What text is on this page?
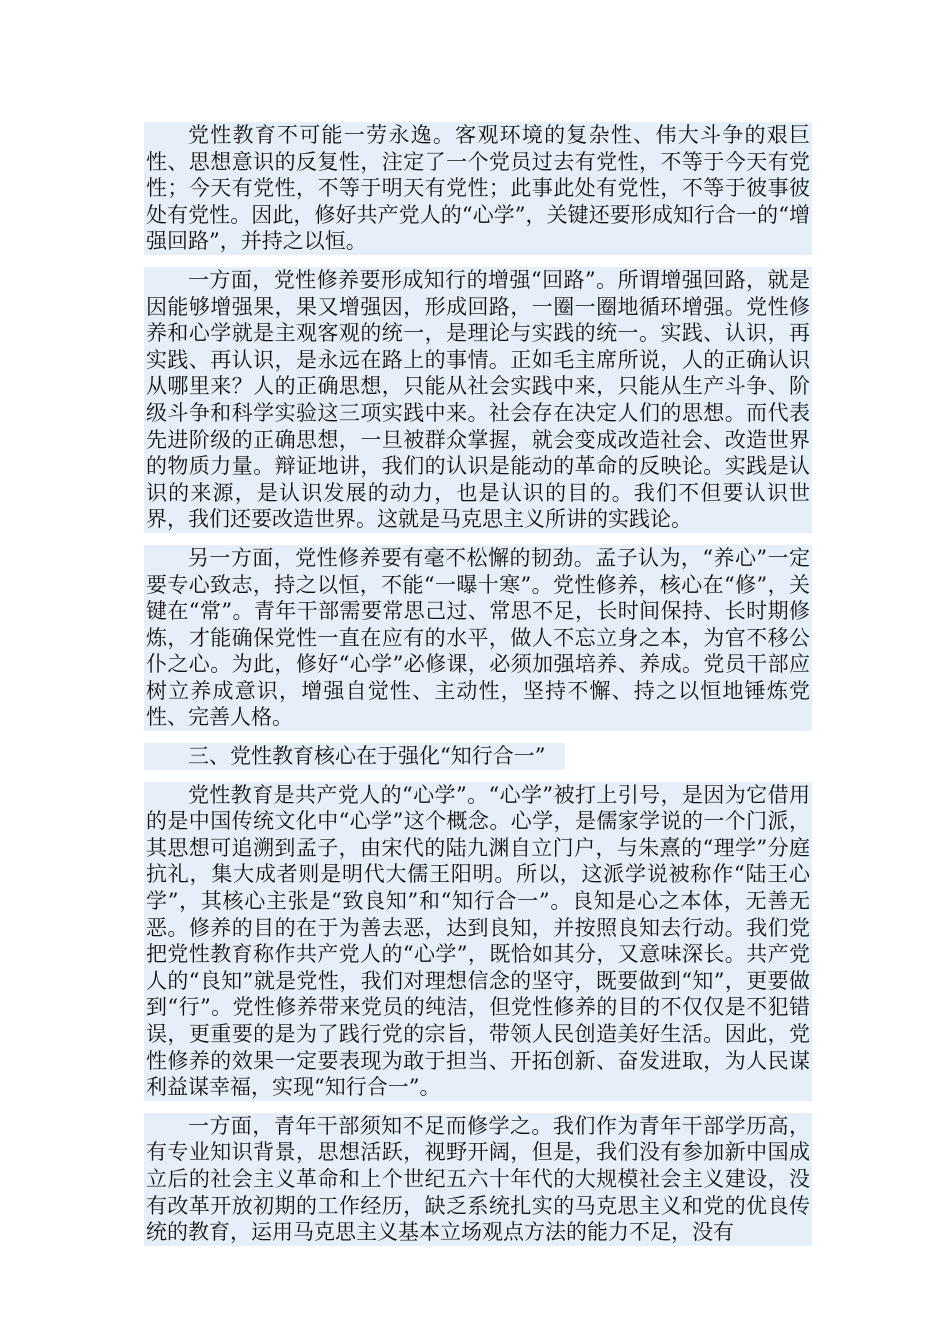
党性教育不可能一劳永逸。客观环境的复杂性、伟大斗争的艰巨性、思想意识的反复性，注定了一个党员过去有党性，不等于今天有党性；今天有党性，不等于明天有党性；此事此处有党性，不等于彼事彼处有党性。因此，修好共产党人的“心学”，关键还要形成知行合一的“增强回路”，并持之以恒。

一方面，党性修养要形成知行的增强“回路”。所谓增强回路，就是因能够增强果，果又增强因，形成回路，一圈一圈地循环增强。党性修养和心学就是主观客观的统一，是理论与实践的统一。实践、认识，再实践、再认识，是永远在路上的事情。正如毛主席所说，人的正确认识从哪里来？人的正确思想，只能从社会实践中来，只能从生产斗争、阶级斗争和科学实验这三项实践中来。社会存在决定人们的思想。而代表先进阶级的正确思想，一旦被群众掌握，就会变成改造社会、改造世界的物质力量。辩证地讲，我们的认识是能动的革命的反映论。实践是认识的来源，是认识发展的动力，也是认识的目的。我们不但要认识世界，我们还要改造世界。这就是马克思主义所讲的实践论。

另一方面，党性修养要有毫不松懈的韧劲。孟子认为，“养心”一定要专心致志，持之以恒，不能“一曝十寒”。党性修养，核心在“修”，关键在“常”。青年干部需要常思己过、常思不足，长时间保持、长时期修炼，才能确保党性一直在应有的水平，做人不忘立身之本，为官不移公仆之心。为此，修好“心学”必修课，必须加强培养、养成。党员干部应树立养成意识，增强自觉性、主动性，坚持不懈、持之以恒地锤炼党性、完善人格。

三、党性教育核心在于强化“知行合一”

党性教育是共产党人的“心学”。“心学”被打上引号，是因为它借用的是中国传统文化中“心学”这个概念。心学，是儒家学说的一个门派，其思想可追溯到孟子，由宋代的陆九渊自立门户，与朱熹的“理学”分庭抗礼，集大成者则是明代大儒王阳明。所以，这派学说被称作“陆王心学”，其核心主张是“致良知”和“知行合一”。良知是心之本体，无善无恶。修养的目的在于为善去恶，达到良知，并按照良知去行动。我们党把党性教育称作共产党人的“心学”，既恰如其分，又意味深长。共产党人的“良知”就是党性，我们对理想信念的坚守，既要做到“知”，更要做到“行”。党性修养带来党员的纯洁，但党性修养的目的不仅仅是不犯错误，更重要的是为了践行党的宗旨，带领人民创造美好生活。因此，党性修养的效果一定要表现为敢于担当、开拓创新、奋发进取，为人民谋利益谋幸福，实现“知行合一”。

一方面，青年干部须知不足而修学之。我们作为青年干部学历高，有专业知识背景，思想活跃，视野开阔，但是，我们没有参加新中国成立后的社会主义革命和上个世纪五六十年代的大规模社会主义建设，没有改革开放初期的工作经历，缺乏系统扎实的马克思主义和党的优良传统的教育，运用马克思主义基本立场观点方法的能力不足，没有
